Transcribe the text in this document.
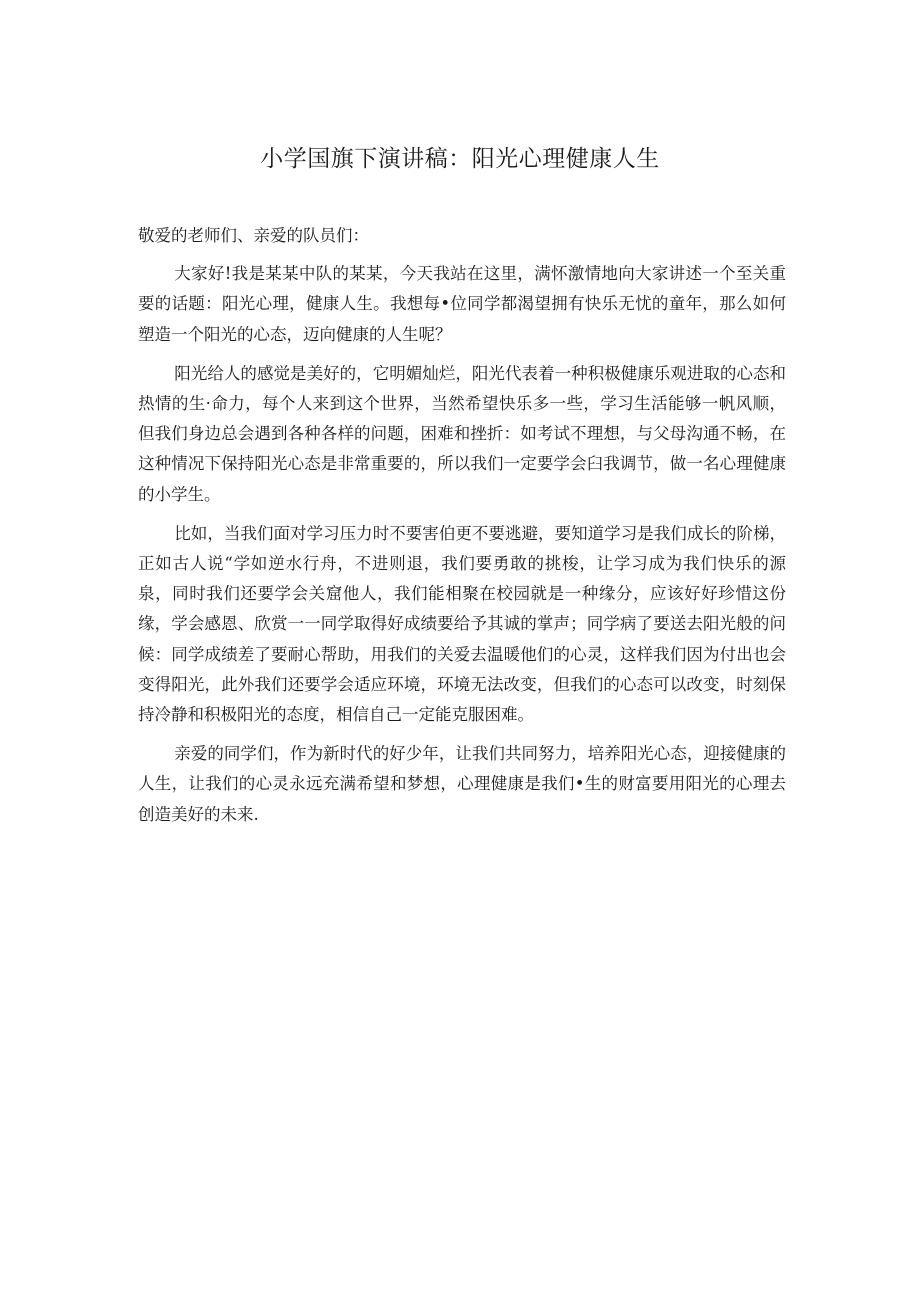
小学国旗下演讲稿：阳光心理健康人生

敬爱的老师们、亲爱的队员们：

大家好!我是某某中队的某某，今天我站在这里，满怀激情地向大家讲述一个至关重要的话题：阳光心理，健康人生。我想每•位同学都渴望拥有快乐无忧的童年，那么如何塑造一个阳光的心态，迈向健康的人生呢？

阳光给人的感觉是美好的，它明媚灿烂，阳光代表着一种积极健康乐观进取的心态和热情的生·命力，每个人来到这个世界，当然希望快乐多一些，学习生活能够一帆风顺，但我们身边总会遇到各种各样的问题，困难和挫折：如考试不理想，与父母沟通不畅，在这种情况下保持阳光心态是非常重要的，所以我们一定要学会臼我调节，做一名心理健康的小学生。

比如，当我们面对学习压力时不要害伯更不要逃避，要知道学习是我们成长的阶梯，正如古人说“学如逆水行舟，不进则退，我们要勇敢的挑梭，让学习成为我们快乐的源泉，同时我们还要学会关窟他人，我们能相聚在校园就是一种缘分，应该好好珍惜这份缘，学会感恩、欣赏一一同学取得好成绩要给予其诚的掌声；同学病了要送去阳光般的问候：同学成绩差了要耐心帮助，用我们的关爱去温暖他们的心灵，这样我们因为付出也会变得阳光，此外我们还要学会适应环境，环境无法改变，但我们的心态可以改变，时刻保持冷静和积极阳光的态度，相信自己一定能克服困难。

亲爱的同学们，作为新时代的好少年，让我们共同努力，培养阳光心态，迎接健康的人生，让我们的心灵永远充满希望和梦想，心理健康是我们•生的财富要用阳光的心理去创造美好的未来.
